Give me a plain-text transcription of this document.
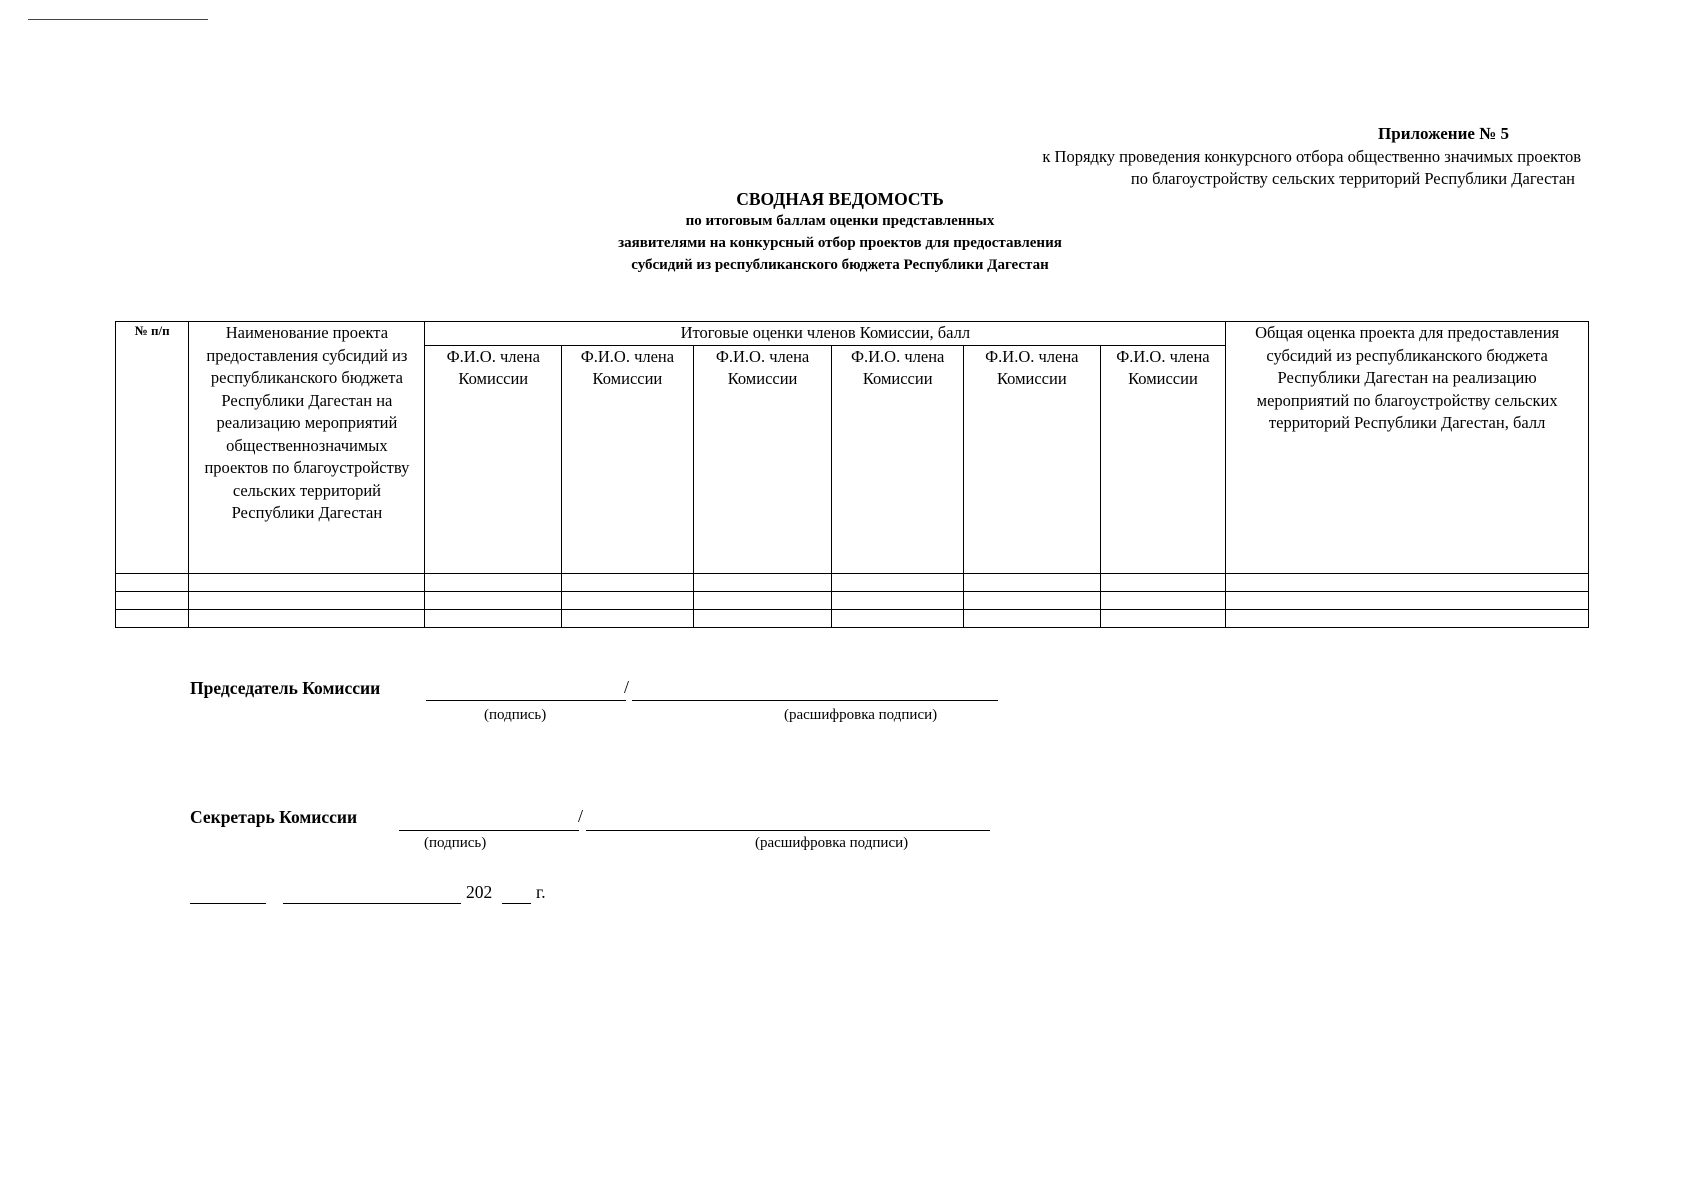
Приложение № 5
к Порядку проведения конкурсного отбора общественно значимых проектов
по благоустройству сельских территорий Республики Дагестан
СВОДНАЯ ВЕДОМОСТЬ
по итоговым баллам оценки представленных
заявителями на конкурсный отбор проектов для предоставления
субсидий из республиканского бюджета Республики Дагестан
№ п/п	Наименование проекта предоставления субсидий из республиканского бюджета Республики Дагестан на реализацию мероприятий общественнозначимых проектов по благоустройству сельских территорий Республики Дагестан	Итоговые оценки членов Комиссии, балл						Общая оценка проекта для предоставления субсидий из республиканского бюджета Республики Дагестан на реализацию мероприятий по благоустройству сельских территорий Республики Дагестан, балл
		Ф.И.О. члена Комиссии	Ф.И.О. члена Комиссии	Ф.И.О. члена Комиссии	Ф.И.О. члена Комиссии	Ф.И.О. члена Комиссии	Ф.И.О. члена Комиссии	

Председатель Комиссии	/
(подпись)	(расшифровка подписи)
Секретарь Комиссии	/
(подпись)	(расшифровка подписи)
202	г.
